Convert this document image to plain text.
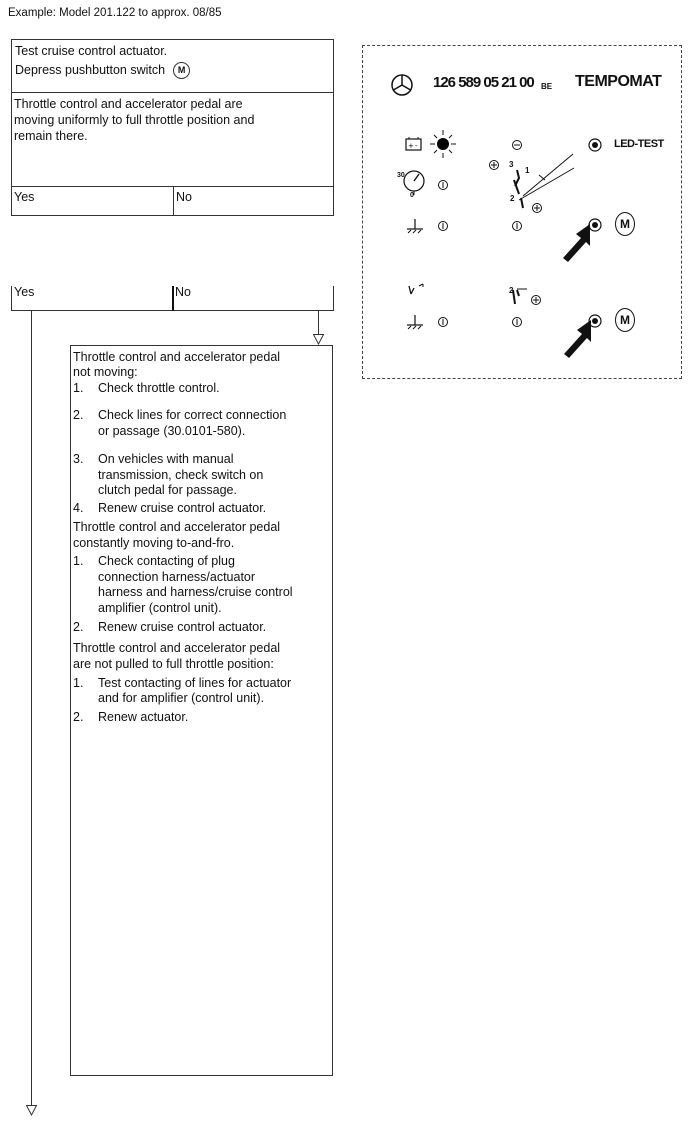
Example: Model 201.122 to approx. 08/85
Test cruise control actuator.
Depress pushbutton switch M
Throttle control and accelerator pedal are
moving uniformly to full throttle position and
remain there.
Yes	No
Yes	No
Throttle control and accelerator pedal
not moving:
1. Check throttle control.
2. Check lines for correct connection
or passage (30.0101-580).
3. On vehicles with manual
transmission, check switch on
clutch pedal for passage.
4. Renew cruise control actuator.
Throttle control and accelerator pedal
constantly moving to-and-fro.
1. Check contacting of plug
connection harness/actuator
harness and harness/cruise control
amplifier (control unit).
2. Renew cruise control actuator.
Throttle control and accelerator pedal
are not pulled to full throttle position:
1. Test contacting of lines for actuator
and for amplifier (control unit).
2. Renew actuator.
126 589 05 21 00 BE TEMPOMAT
+ -	LED-TEST
30
0
3
1
2
M
2
M
